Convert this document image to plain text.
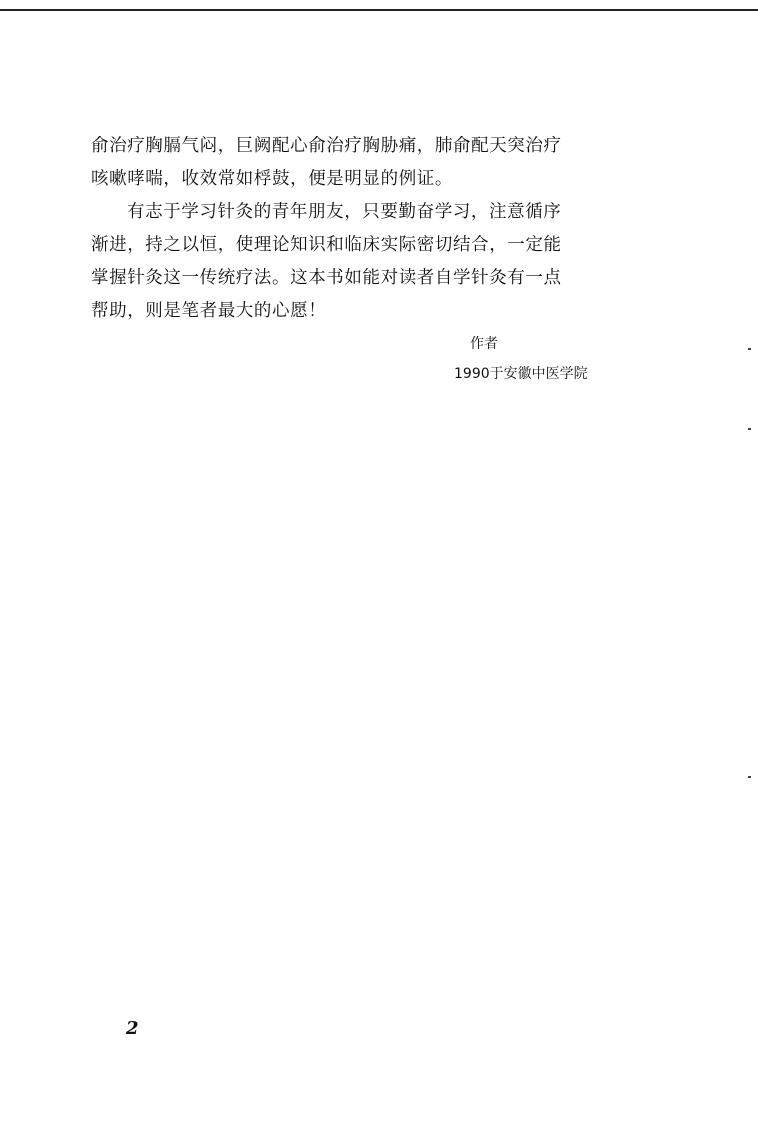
俞治疗胸膈气闷，巨阙配心俞治疗胸胁痛，肺俞配天突治疗
咳嗽哮喘，收效常如桴鼓，便是明显的例证。
有志于学习针灸的青年朋友，只要勤奋学习，注意循序
渐进，持之以恒，使理论知识和临床实际密切结合，一定能
掌握针灸这一传统疗法。这本书如能对读者自学针灸有一点
帮助，则是笔者最大的心愿！
作者
1990于安徽中医学院
2
